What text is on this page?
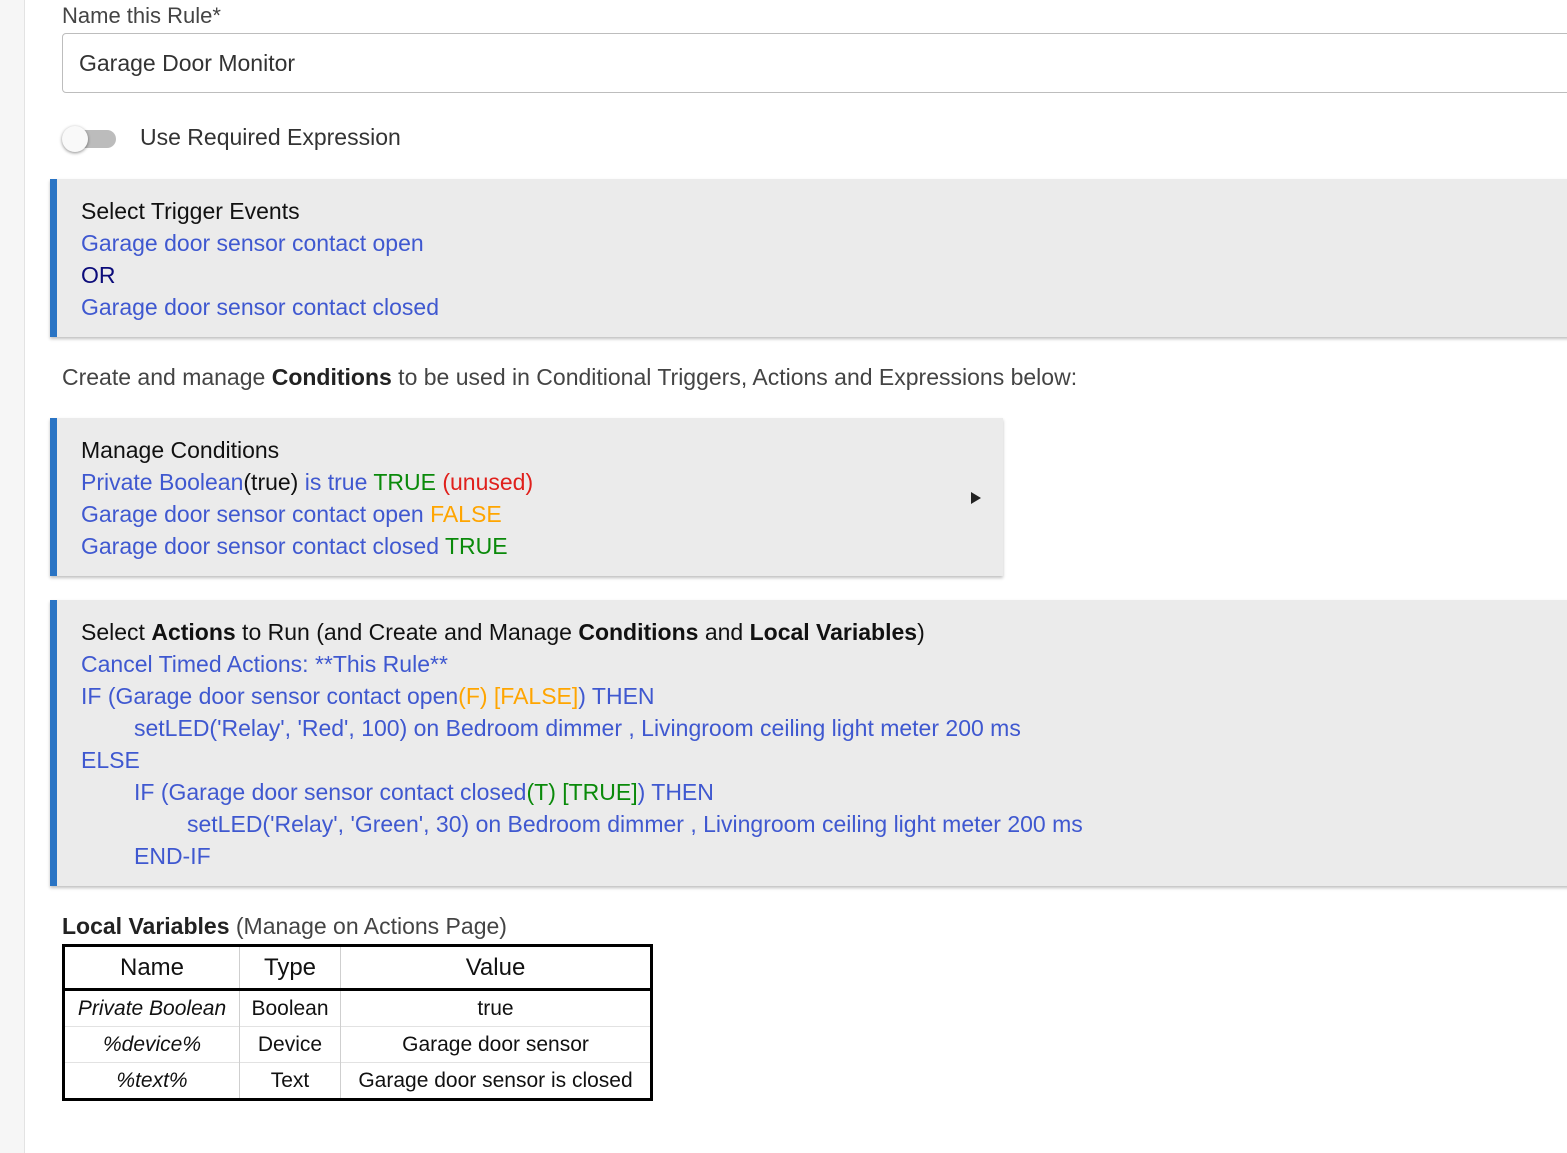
Name this Rule*
Garage Door Monitor
Use Required Expression
Select Trigger Events
Garage door sensor contact open
OR
Garage door sensor contact closed
Create and manage Conditions to be used in Conditional Triggers, Actions and Expressions below:
Manage Conditions
Private Boolean(true) is true TRUE (unused)
Garage door sensor contact open FALSE
Garage door sensor contact closed TRUE
Select Actions to Run (and Create and Manage Conditions and Local Variables)
Cancel Timed Actions: **This Rule**
IF (Garage door sensor contact open(F) [FALSE]) THEN
setLED('Relay', 'Red', 100) on Bedroom dimmer , Livingroom ceiling light meter 200 ms
ELSE
IF (Garage door sensor contact closed(T) [TRUE]) THEN
setLED('Relay', 'Green', 30) on Bedroom dimmer , Livingroom ceiling light meter 200 ms
END-IF
Local Variables (Manage on Actions Page)
Name	Type	Value
Private Boolean	Boolean	true
%device%	Device	Garage door sensor
%text%	Text	Garage door sensor is closed
